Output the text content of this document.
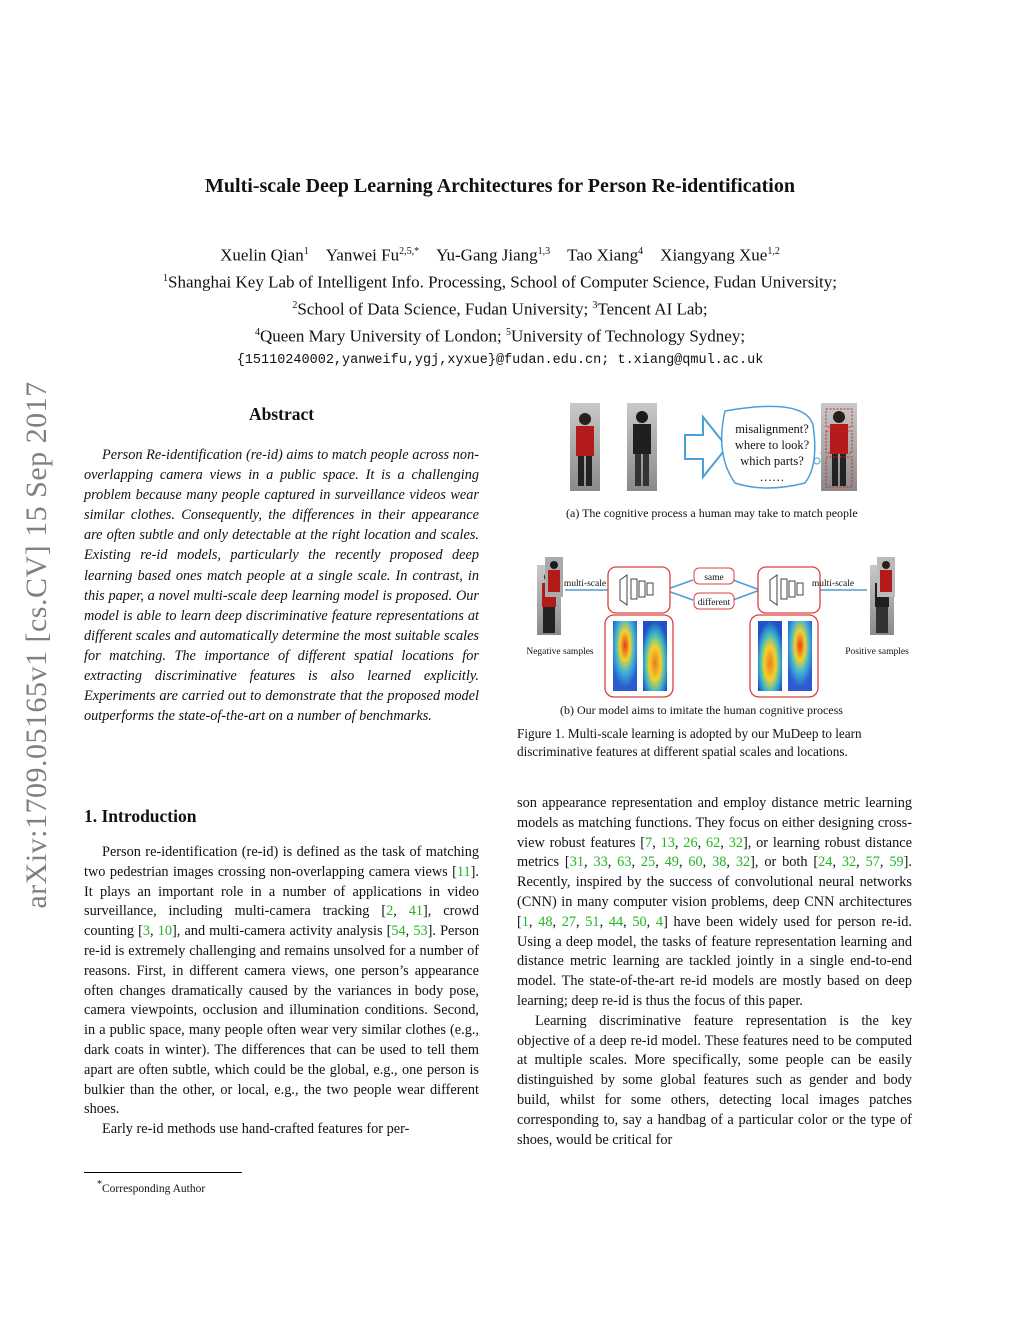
arXiv:1709.05165v1 [cs.CV] 15 Sep 2017
Multi-scale Deep Learning Architectures for Person Re-identification
Xuelin Qian$^1$  Yanwei $Fu^{2,5,*}$  Yu-Gang Jiang$^{1,3}$  Tao Xiang$^4$  Xiangyang Xue$^{1,2}$
$^1$Shanghai Key Lab of Intelligent Info. Processing, School of Computer Science, Fudan University;
$^2$School of Data Science, Fudan University; $^3$Tencent AI Lab;
$^4$Queen Mary University of London; $^5$University of Technology Sydney;
{15110240002,yanweifu,ygj,xyxue}@fudan.edu.cn; t.xiang@qmul.ac.uk
Abstract
Person Re-identification (re-id) aims to match people across non-overlapping camera views in a public space. It is a challenging problem because many people captured in surveillance videos wear similar clothes. Consequently, the differences in their appearance are often subtle and only detectable at the right location and scales. Existing re-id models, particularly the recently proposed deep learning based ones match people at a single scale. In contrast, in this paper, a novel multi-scale deep learning model is proposed. Our model is able to learn deep discriminative feature representations at different scales and automatically determine the most suitable scales for matching. The importance of different spatial locations for extracting discriminative features is also learned explicitly. Experiments are carried out to demonstrate that the proposed model outperforms the state-of-the-art on a number of benchmarks.
1. Introduction

Person re-identification (re-id) is defined as the task of matching two pedestrian images crossing non-overlapping camera views [11]. It plays an important role in a number of applications in video surveillance, including multi-camera tracking [2, 41], crowd counting [3, 10], and multi-camera activity analysis [54, 53]. Person re-id is extremely challenging and remains unsolved for a number of reasons. First, in different camera views, one person’s appearance often changes dramatically caused by the variances in body pose, camera viewpoints, occlusion and illumination conditions. Second, in a public space, many people often wear very similar clothes (e.g., dark coats in winter). The differences that can be used to tell them apart are often subtle, which could be the global, e.g., one person is bulkier than the other, or local, e.g., the two people wear different shoes.

Early re-id methods use hand-crafted features for per-

*Corresponding Author
misalignment? where to look? which parts? ……
multi-scale	multi-scale
same
different
Negative samples	Positive samples
(a) The cognitive process a human may take to match people
(b) Our model aims to imitate the human cognitive process
Figure 1. Multi-scale learning is adopted by our MuDeep to learn discriminative features at different spatial scales and locations.

son appearance representation and employ distance metric learning models as matching functions. They focus on either designing cross-view robust features [7, 13, 26, 62, 32], or learning robust distance metrics [31, 33, 63, 25, 49, 60, 38, 32], or both [24, 32, 57, 59]. Recently, inspired by the success of convolutional neural networks (CNN) in many computer vision problems, deep CNN architectures [1, 48, 27, 51, 44, 50, 4] have been widely used for person re-id. Using a deep model, the tasks of feature representation learning and distance metric learning are tackled jointly in a single end-to-end model. The state-of-the-art re-id models are mostly based on deep learning; deep re-id is thus the focus of this paper.

Learning discriminative feature representation is the key objective of a deep re-id model. These features need to be computed at multiple scales. More specifically, some people can be easily distinguished by some global features such as gender and body build, whilst for some others, detecting local images patches corresponding to, say a handbag of a particular color or the type of shoes, would be critical for
